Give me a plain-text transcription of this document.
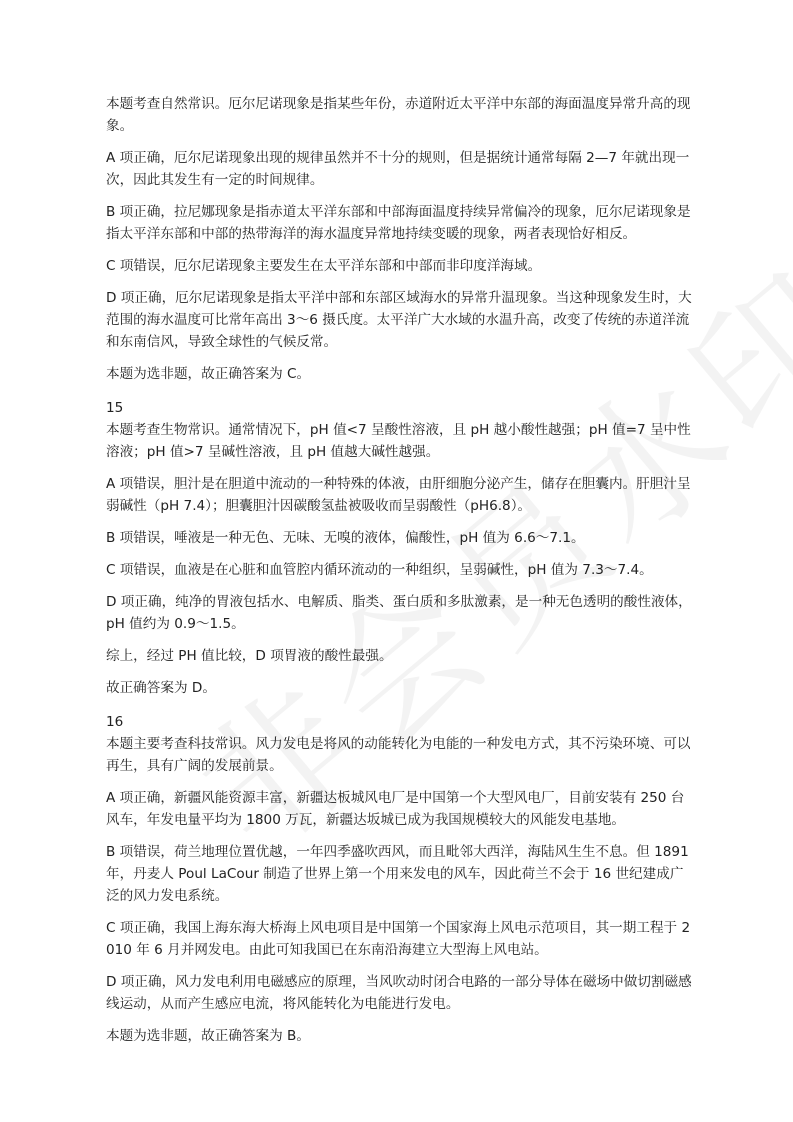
本题考查自然常识。厄尔尼诺现象是指某些年份，赤道附近太平洋中东部的海面温度异常升高的现象。

A 项正确，厄尔尼诺现象出现的规律虽然并不十分的规则，但是据统计通常每隔 2—7 年就出现一次，因此其发生有一定的时间规律。

B 项正确，拉尼娜现象是指赤道太平洋东部和中部海面温度持续异常偏冷的现象，厄尔尼诺现象是指太平洋东部和中部的热带海洋的海水温度异常地持续变暖的现象，两者表现恰好相反。

C 项错误，厄尔尼诺现象主要发生在太平洋东部和中部而非印度洋海域。

D 项正确，厄尔尼诺现象是指太平洋中部和东部区域海水的异常升温现象。当这种现象发生时，大范围的海水温度可比常年高出 3～6 摄氏度。太平洋广大水域的水温升高，改变了传统的赤道洋流和东南信风，导致全球性的气候反常。

本题为选非题，故正确答案为 C。

15

本题考查生物常识。通常情况下，pH 值<7 呈酸性溶液，且 pH 越小酸性越强；pH 值=7 呈中性溶液；pH 值>7 呈碱性溶液，且 pH 值越大碱性越强。

A 项错误，胆汁是在胆道中流动的一种特殊的体液，由肝细胞分泌产生，储存在胆囊内。肝胆汁呈弱碱性（pH 7.4）；胆囊胆汁因碳酸氢盐被吸收而呈弱酸性（pH6.8）。

B 项错误，唾液是一种无色、无味、无嗅的液体，偏酸性，pH 值为 6.6～7.1。

C 项错误，血液是在心脏和血管腔内循环流动的一种组织，呈弱碱性，pH 值为 7.3～7.4。

D 项正确，纯净的胃液包括水、电解质、脂类、蛋白质和多肽激素，是一种无色透明的酸性液体，pH 值约为 0.9～1.5。

综上，经过 PH 值比较，D 项胃液的酸性最强。

故正确答案为 D。

16

本题主要考查科技常识。风力发电是将风的动能转化为电能的一种发电方式，其不污染环境、可以再生，具有广阔的发展前景。

A 项正确，新疆风能资源丰富，新疆达板城风电厂是中国第一个大型风电厂，目前安装有 250 台风车，年发电量平均为 1800 万瓦，新疆达坂城已成为我国规模较大的风能发电基地。

B 项错误，荷兰地理位置优越，一年四季盛吹西风，而且毗邻大西洋，海陆风生生不息。但 1891 年，丹麦人 Poul LaCour 制造了世界上第一个用来发电的风车，因此荷兰不会于 16 世纪建成广泛的风力发电系统。

C 项正确，我国上海东海大桥海上风电项目是中国第一个国家海上风电示范项目，其一期工程于 2010 年 6 月并网发电。由此可知我国已在东南沿海建立大型海上风电站。

D 项正确，风力发电利用电磁感应的原理，当风吹动时闭合电路的一部分导体在磁场中做切割磁感线运动，从而产生感应电流，将风能转化为电能进行发电。

本题为选非题，故正确答案为 B。
